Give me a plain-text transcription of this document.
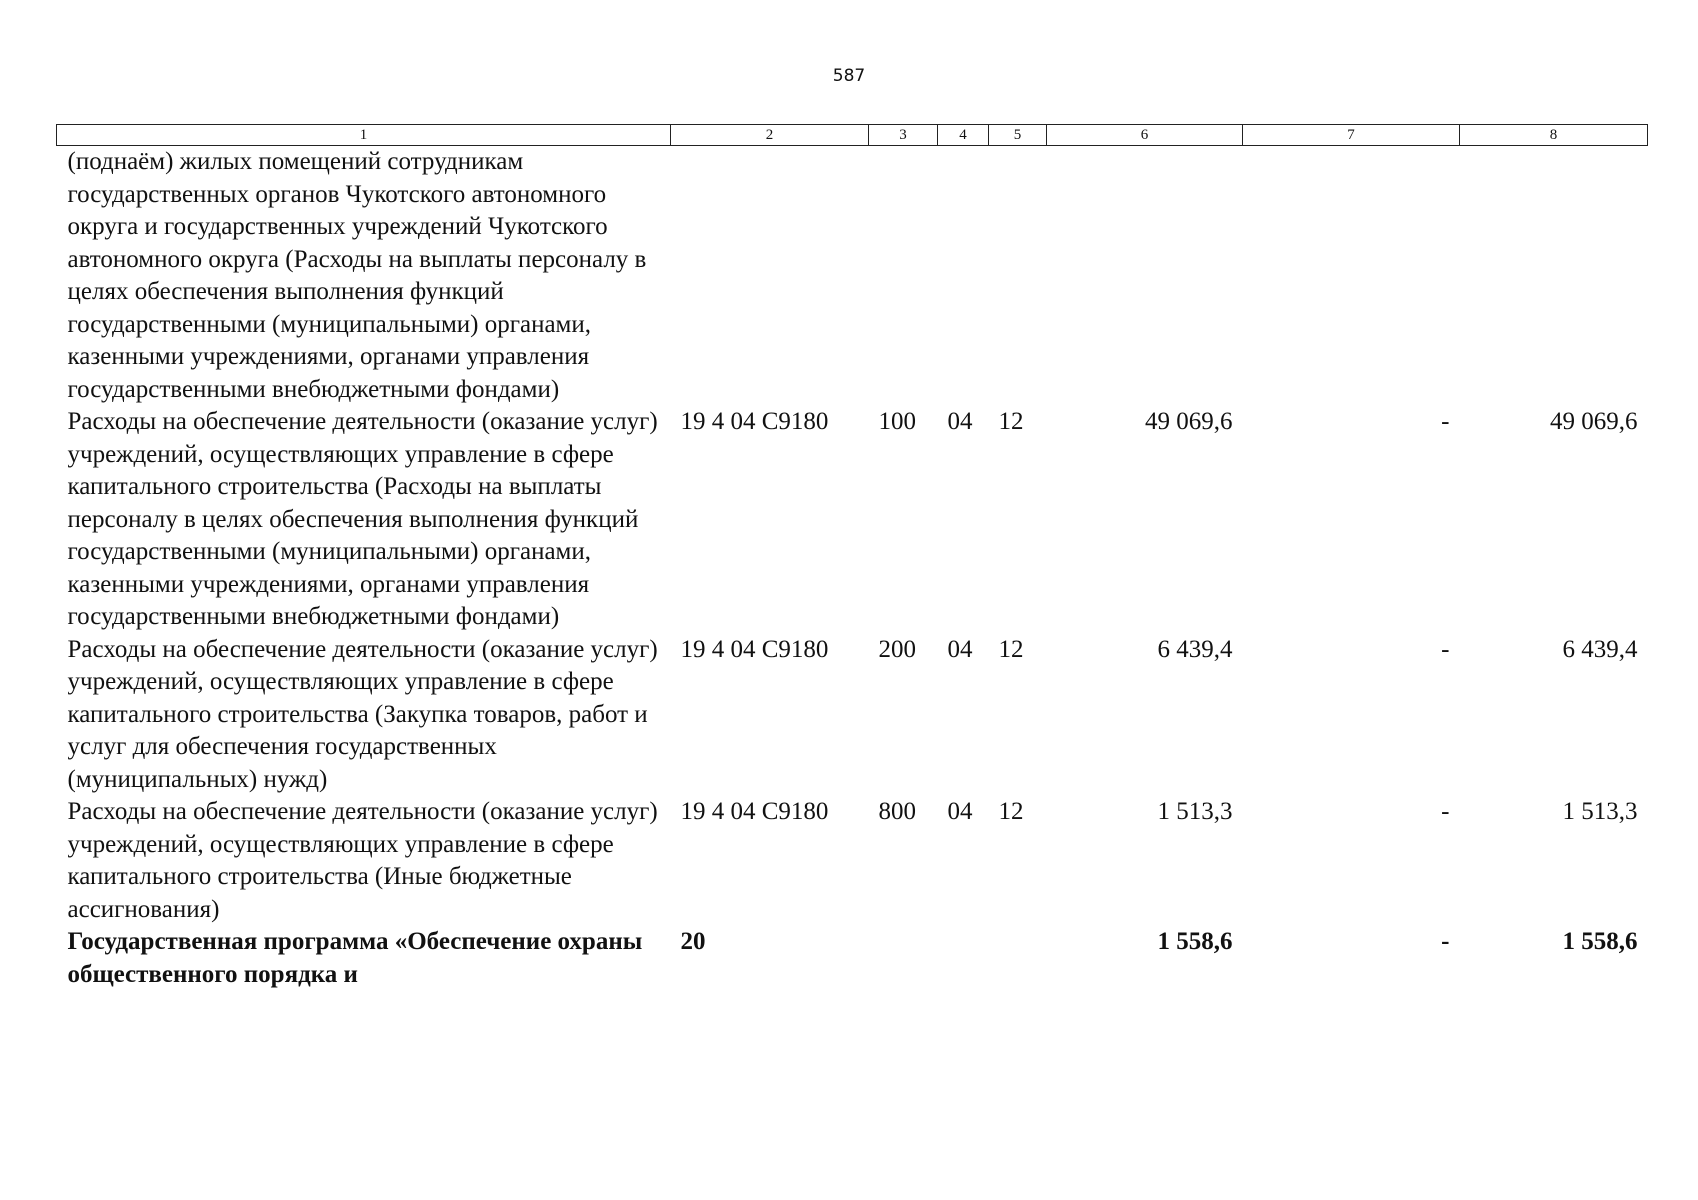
587
1	2	3	4	5	6	7	8
(поднаём) жилых помещений сотрудникам государственных органов Чукотского автономного округа и государственных учреждений Чукотского автономного округа (Расходы на выплаты персоналу в целях обеспечения выполнения функций государственными (муниципальными) органами, казенными учреждениями, органами управления государственными внебюджетными фондами)							
Расходы на обеспечение деятельности (оказание услуг) учреждений, осуществляющих управление в сфере капитального строительства (Расходы на выплаты персоналу в целях обеспечения выполнения функций государственными (муниципальными) органами, казенными учреждениями, органами управления государственными внебюджетными фондами)	19 4 04 С9180	100	04	12	49 069,6	-	49 069,6
Расходы на обеспечение деятельности (оказание услуг) учреждений, осуществляющих управление в сфере капитального строительства (Закупка товаров, работ и услуг для обеспечения государственных (муниципальных) нужд)	19 4 04 С9180	200	04	12	6 439,4	-	6 439,4
Расходы на обеспечение деятельности (оказание услуг) учреждений, осуществляющих управление в сфере капитального строительства (Иные бюджетные ассигнования)	19 4 04 С9180	800	04	12	1 513,3	-	1 513,3
Государственная программа «Обеспечение охраны общественного порядка и	20				1 558,6	-	1 558,6
